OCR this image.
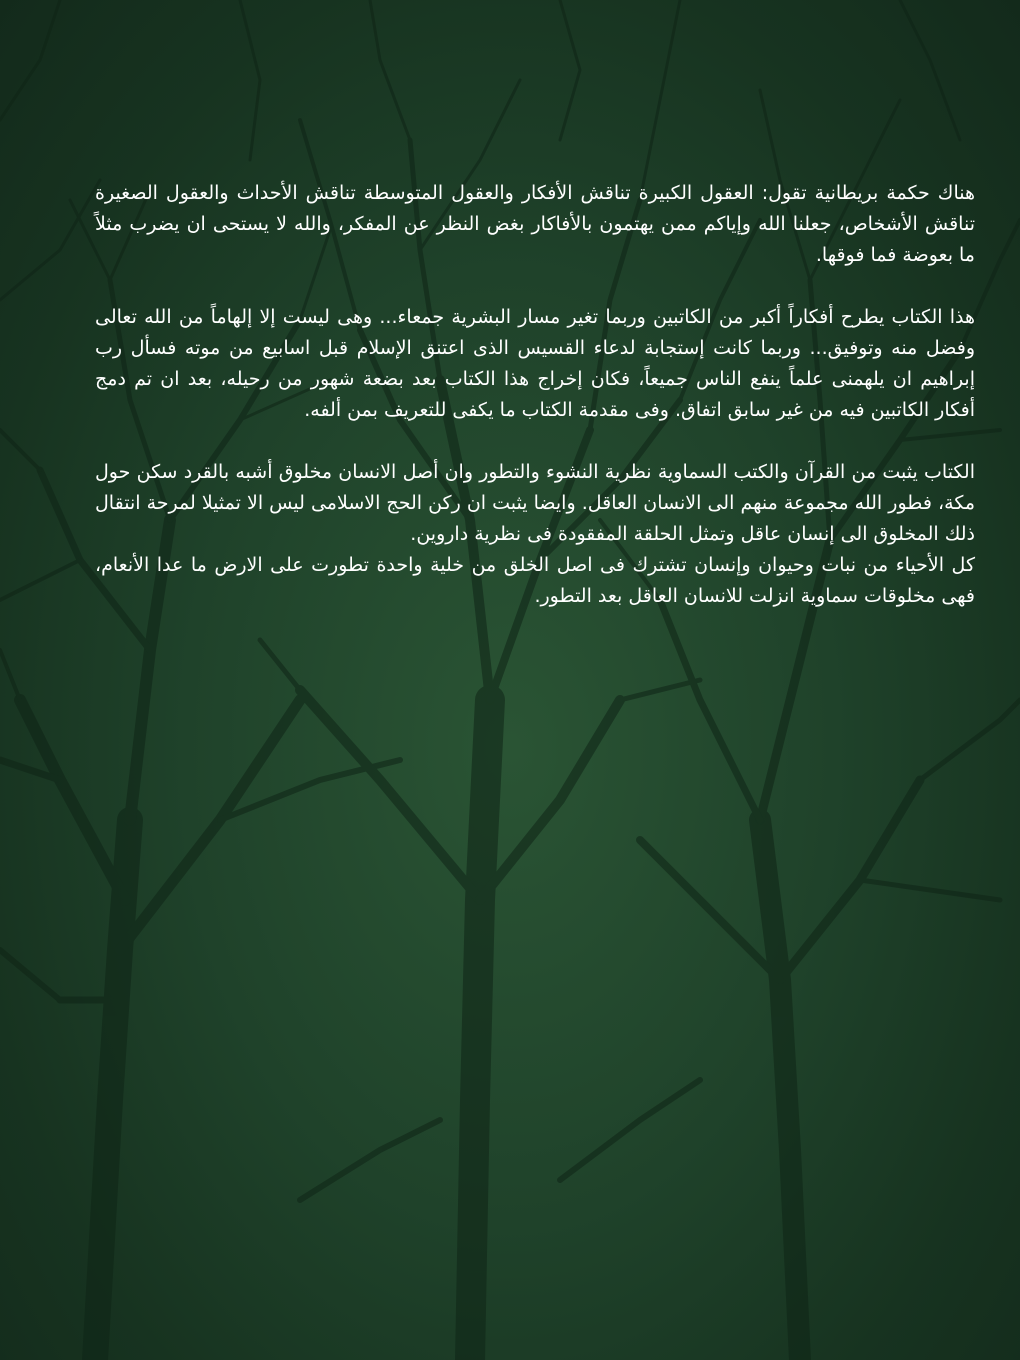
هناك حكمة بريطانية تقول: العقول الكبيرة تناقش الأفكار والعقول المتوسطة تناقش الأحداث والعقول الصغيرة تناقش الأشخاص، جعلنا الله وإياكم ممن يهتمون بالأفاكار بغض النظر عن المفكر، والله لا يستحى ان يضرب مثلاً ما بعوضة فما فوقها.

هذا الكتاب يطرح أفكاراً أكبر من الكاتبين وربما تغير مسار البشرية جمعاء... وهى ليست إلا إلهاماً من الله تعالى وفضل منه وتوفيق... وربما كانت إستجابة لدعاء القسيس الذى اعتنق الإسلام قبل اسابيع من موته فسأل رب إبراهيم ان يلهمنى علماً ينفع الناس جميعاً، فكان إخراج هذا الكتاب بعد بضعة شهور من رحيله، بعد ان تم دمج أفكار الكاتبين فيه من غير سابق اتفاق. وفى مقدمة الكتاب ما يكفى للتعريف بمن ألفه.

الكتاب يثبت من القرآن والكتب السماوية نظرية النشوء والتطور وان أصل الانسان مخلوق أشبه بالقرد سكن حول مكة، فطور الله مجموعة منهم الى الانسان العاقل. وايضا يثبت ان ركن الحج الاسلامى ليس الا تمثيلا لمرحة انتقال ذلك المخلوق الى إنسان عاقل وتمثل الحلقة المفقودة فى نظرية داروين.

كل الأحياء من نبات وحيوان وإنسان تشترك فى اصل الخلق من خلية واحدة تطورت على الارض ما عدا الأنعام، فهى مخلوقات سماوية انزلت للانسان العاقل بعد التطور.
